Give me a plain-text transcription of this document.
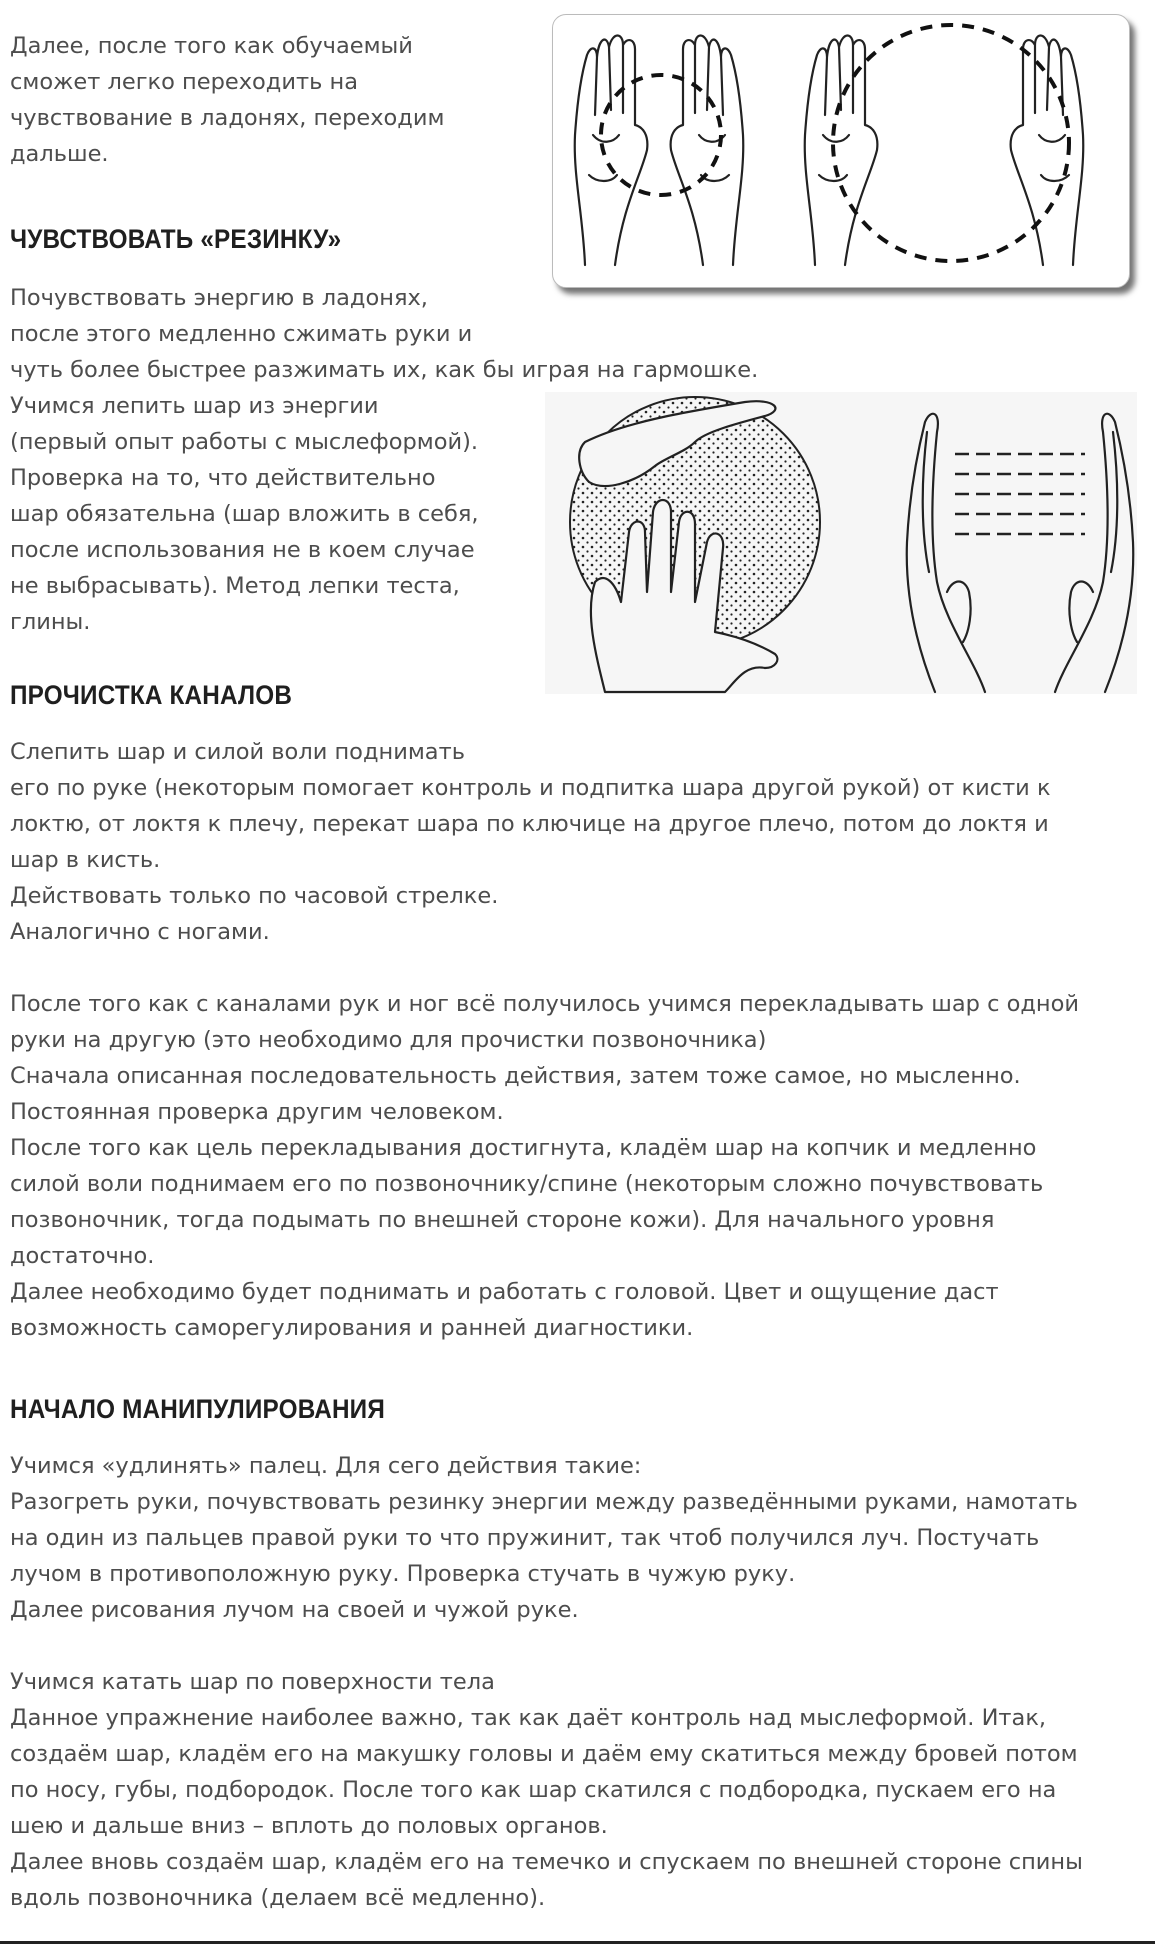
Далее, после того как обучаемый
сможет легко переходить на
чувствование в ладонях, переходим
дальше.
ЧУВСТВОВАТЬ «РЕЗИНКУ»
Почувствовать энергию в ладонях,
после этого медленно сжимать руки и
чуть более быстрее разжимать их, как бы играя на гармошке.
Учимся лепить шар из энергии
(первый опыт работы с мыслеформой).
Проверка на то, что действительно
шар обязательна (шар вложить в себя,
после использования не в коем случае
не выбрасывать). Метод лепки теста,
глины.
ПРОЧИСТКА КАНАЛОВ
Слепить шар и силой воли поднимать
его по руке (некоторым помогает контроль и подпитка шара другой рукой) от кисти к
локтю, от локтя к плечу, перекат шара по ключице на другое плечо, потом до локтя и
шар в кисть.
Действовать только по часовой стрелке.
Аналогично с ногами.
После того как с каналами рук и ног всё получилось учимся перекладывать шар с одной
руки на другую (это необходимо для прочистки позвоночника)
Сначала описанная последовательность действия, затем тоже самое, но мысленно.
Постоянная проверка другим человеком.
После того как цель перекладывания достигнута, кладём шар на копчик и медленно
силой воли поднимаем его по позвоночнику/спине (некоторым сложно почувствовать
позвоночник, тогда подымать по внешней стороне кожи). Для начального уровня
достаточно.
Далее необходимо будет поднимать и работать с головой. Цвет и ощущение даст
возможность саморегулирования и ранней диагностики.
НАЧАЛО МАНИПУЛИРОВАНИЯ
Учимся «удлинять» палец. Для сего действия такие:
Разогреть руки, почувствовать резинку энергии между разведёнными руками, намотать
на один из пальцев правой руки то что пружинит, так чтоб получился луч. Постучать
лучом в противоположную руку. Проверка стучать в чужую руку.
Далее рисования лучом на своей и чужой руке.
Учимся катать шар по поверхности тела
Данное упражнение наиболее важно, так как даёт контроль над мыслеформой. Итак,
создаём шар, кладём его на макушку головы и даём ему скатиться между бровей потом
по носу, губы, подбородок. После того как шар скатился с подбородка, пускаем его на
шею и дальше вниз – вплоть до половых органов.
Далее вновь создаём шар, кладём его на темечко и спускаем по внешней стороне спины
вдоль позвоночника (делаем всё медленно).
